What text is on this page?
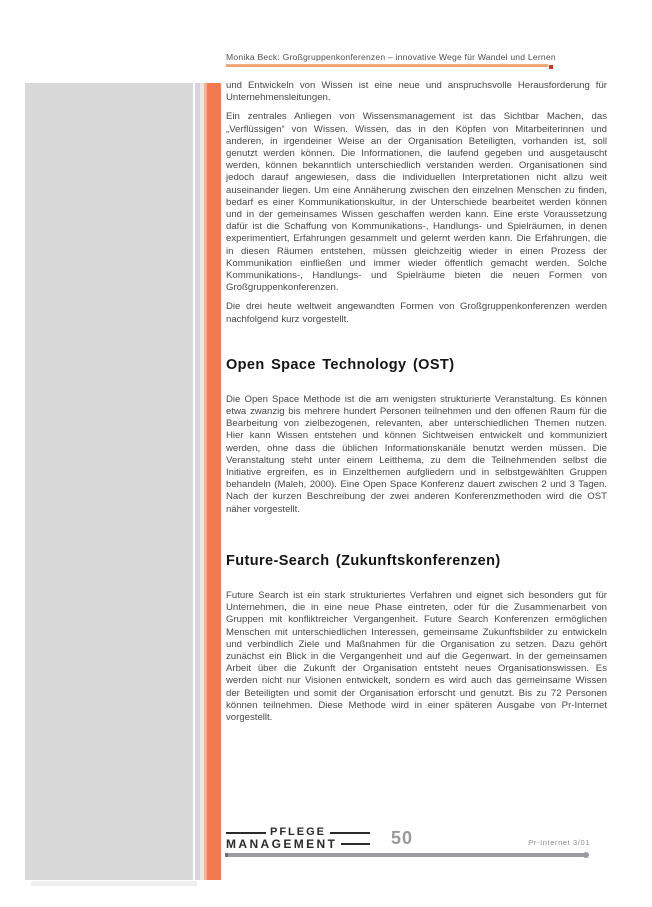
Monika Beck: Großgruppenkonferenzen – innovative Wege für Wandel und Lernen

und Entwickeln von Wissen ist eine neue und anspruchsvolle Herausforderung für Unternehmensleitungen.

Ein zentrales Anliegen von Wissensmanagement ist das Sichtbar Machen, das „Verflüssigen“ von Wissen. Wissen, das in den Köpfen von Mitarbeiterinnen und anderen, in irgendeiner Weise an der Organisation Beteiligten, vorhanden ist, soll genutzt werden können. Die Informationen, die laufend gegeben und ausgetauscht werden, können bekanntlich unterschiedlich verstanden werden. Organisationen sind jedoch darauf angewiesen, dass die individuellen Interpretationen nicht allzu weit auseinander liegen. Um eine Annäherung zwischen den einzelnen Menschen zu finden, bedarf es einer Kommunikationskultur, in der Unterschiede bearbeitet werden können und in der gemeinsames Wissen geschaffen werden kann. Eine erste Voraussetzung dafür ist die Schaffung von Kommunikations-, Handlungs- und Spielräumen, in denen experimentiert, Erfahrungen gesammelt und gelernt werden kann. Die Erfahrungen, die in diesen Räumen entstehen, müssen gleichzeitig wieder in einen Prozess der Kommunikation einfließen und immer wieder öffentlich gemacht werden. Solche Kommunikations-, Handlungs- und Spielräume bieten die neuen Formen von Großgruppenkonferenzen.

Die drei heute weltweit angewandten Formen von Großgruppenkonferenzen werden nachfolgend kurz vorgestellt.

Open Space Technology (OST)

Die Open Space Methode ist die am wenigsten strukturierte Veranstaltung. Es können etwa zwanzig bis mehrere hundert Personen teilnehmen und den offenen Raum für die Bearbeitung von zielbezogenen, relevanten, aber unterschiedlichen Themen nutzen. Hier kann Wissen entstehen und können Sichtweisen entwickelt und kommuniziert werden, ohne dass die üblichen Informationskanäle benutzt werden müssen. Die Veranstaltung steht unter einem Leitthema, zu dem die Teilnehmenden selbst die Initiative ergreifen, es in Einzelthemen aufgliedern und in selbstgewählten Gruppen behandeln (Maleh, 2000). Eine Open Space Konferenz dauert zwischen 2 und 3 Tagen. Nach der kurzen Beschreibung der zwei anderen Konferenzmethoden wird die OST näher vorgestellt.

Future-Search (Zukunftskonferenzen)

Future Search ist ein stark strukturiertes Verfahren und eignet sich besonders gut für Unternehmen, die in eine neue Phase eintreten, oder für die Zusammenarbeit von Gruppen mit konfliktreicher Vergangenheit. Future Search Konferenzen ermöglichen Menschen mit unterschiedlichen Interessen, gemeinsame Zukunftsbilder zu entwickeln und verbindlich Ziele und Maßnahmen für die Organisation zu setzen. Dazu gehört zunächst ein Blick in die Vergangenheit und auf die Gegenwart. In der gemeinsamen Arbeit über die Zukunft der Organisation entsteht neues Organisationswissen. Es werden nicht nur Visionen entwickelt, sondern es wird auch das gemeinsame Wissen der Beteiligten und somit der Organisation erforscht und genutzt. Bis zu 72 Personen können teilnehmen. Diese Methode wird in einer späteren Ausgabe von Pr-Internet vorgestellt.

PFLEGE
MANAGEMENT	50	Pr-Internet 3/01
